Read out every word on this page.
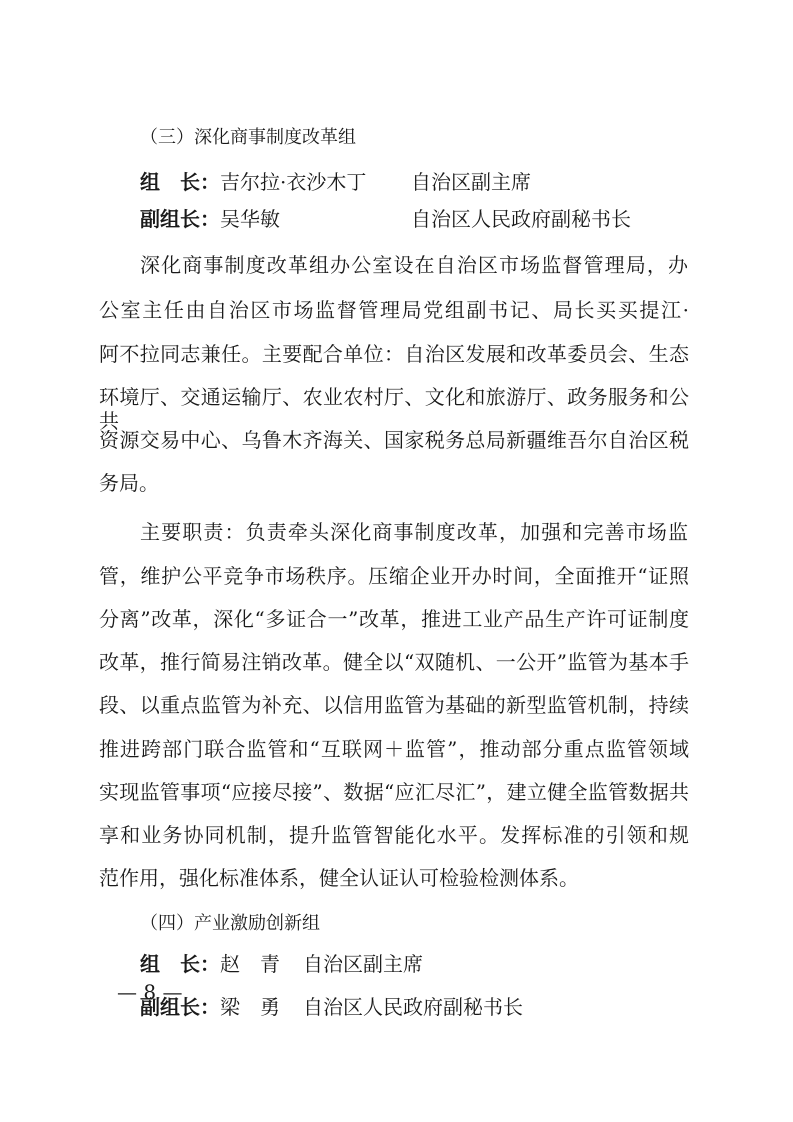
（三）深化商事制度改革组
组　长：吉尔拉·衣沙木丁 自治区副主席
副组长：吴华敏	自治区人民政府副秘书长
深化商事制度改革组办公室设在自治区市场监督管理局，办
公室主任由自治区市场监督管理局党组副书记、局长买买提江·
阿不拉同志兼任。主要配合单位：自治区发展和改革委员会、生态
环境厅、交通运输厅、农业农村厅、文化和旅游厅、政务服务和公共
资源交易中心、乌鲁木齐海关、国家税务总局新疆维吾尔自治区税
务局。
主要职责：负责牵头深化商事制度改革，加强和完善市场监
管，维护公平竞争市场秩序。压缩企业开办时间，全面推开“证照
分离”改革，深化“多证合一”改革，推进工业产品生产许可证制度
改革，推行简易注销改革。健全以“双随机、一公开”监管为基本手
段、以重点监管为补充、以信用监管为基础的新型监管机制，持续
推进跨部门联合监管和“互联网＋监管”，推动部分重点监管领域
实现监管事项“应接尽接”、数据“应汇尽汇”，建立健全监管数据共
享和业务协同机制，提升监管智能化水平。发挥标准的引领和规
范作用，强化标准体系，健全认证认可检验检测体系。
（四）产业激励创新组
组　长：赵　青 自治区副主席
副组长：梁　勇 自治区人民政府副秘书长
— 8 —
